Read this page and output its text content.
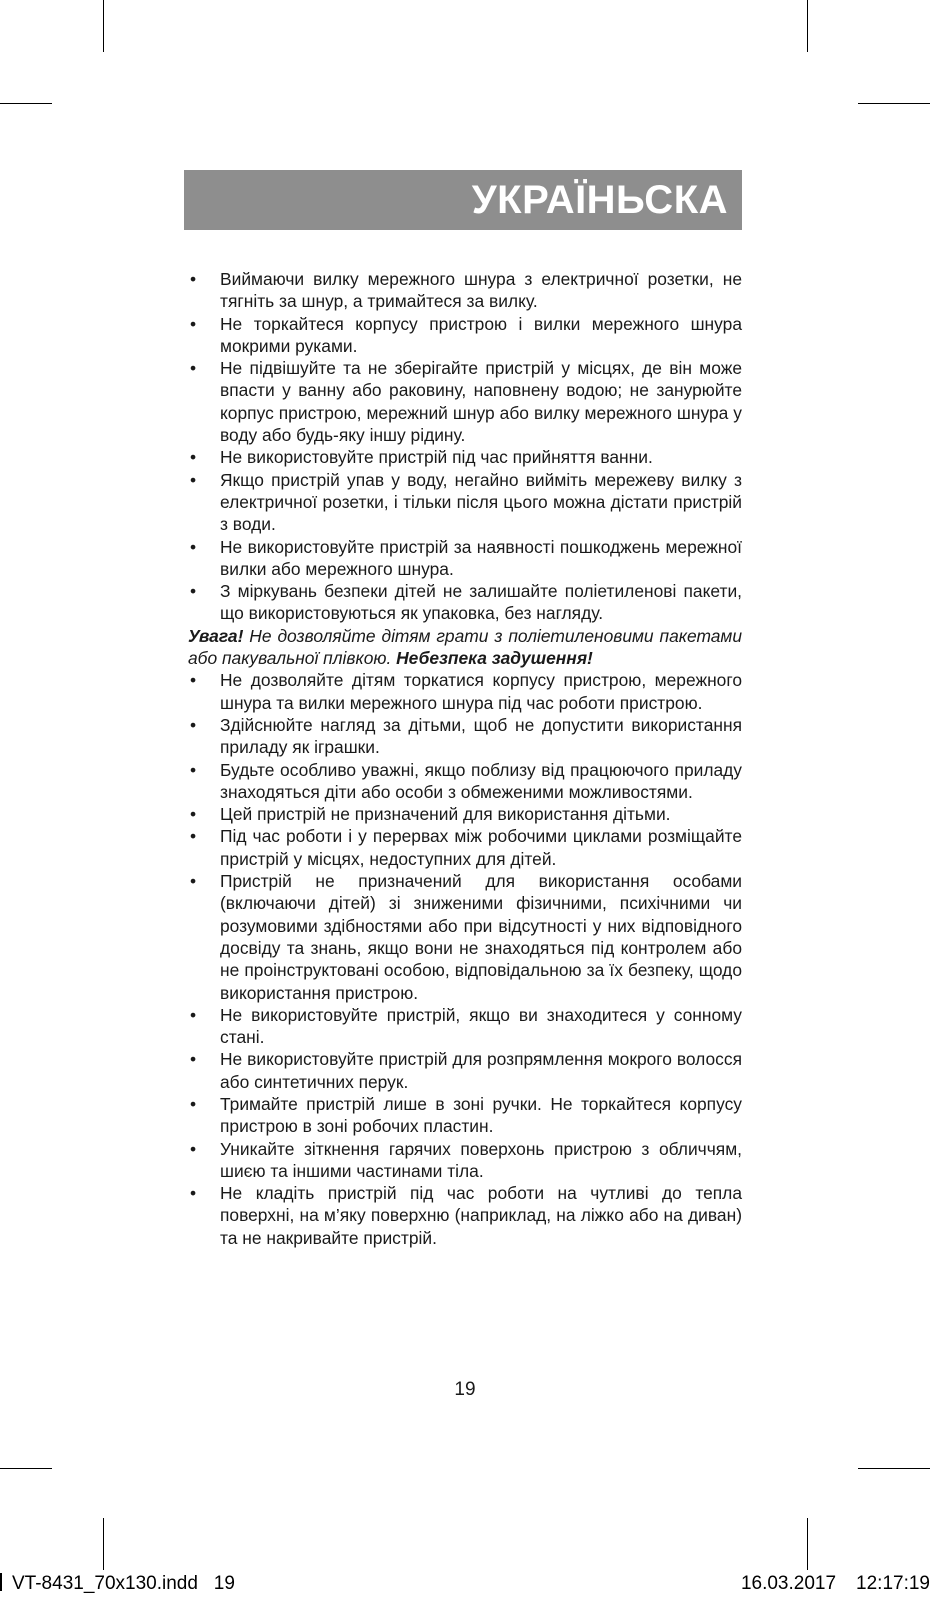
УКРАЇНЬСКА
• Виймаючи вилку мережного шнура з електричної розетки, не тягніть за шнур, а тримайтеся за вилку.
• Не торкайтеся корпусу пристрою і вилки мережного шнура мокрими руками.
• Не підвішуйте та не зберігайте пристрій у місцях, де він може впасти у ванну або раковину, наповнену водою; не занурюйте корпус пристрою, мережний шнур або вилку мережного шнура у воду або будь-яку іншу рідину.
• Не використовуйте пристрій під час прийняття ванни.
• Якщо пристрій упав у воду, негайно вийміть мережеву вилку з електричної розетки, і тільки після цього можна дістати пристрій з води.
• Не використовуйте пристрій за наявності пошкоджень мережної вилки або мережного шнура.
• З міркувань безпеки дітей не залишайте поліетиленові пакети, що використовуються як упаковка, без нагляду.

Увага! Не дозволяйте дітям грати з поліетиленовими пакетами або пакувальної плівкою. Небезпека задушення!

• Не дозволяйте дітям торкатися корпусу пристрою, мережного шнура та вилки мережного шнура під час роботи пристрою.
• Здійснюйте нагляд за дітьми, щоб не допустити використання приладу як іграшки.
• Будьте особливо уважні, якщо поблизу від працюючого приладу знаходяться діти або особи з обмеженими можливостями.
• Цей пристрій не призначений для використання дітьми.
• Під час роботи і у перервах між робочими циклами розміщайте пристрій у місцях, недоступних для дітей.
• Пристрій не призначений для використання особами (включаючи дітей) зі зниженими фізичними, психічними чи розумовими здібностями або при відсутності у них відповідного досвіду та знань, якщо вони не знаходяться під контролем або не проінструктовані особою, відповідальною за їх безпеку, щодо використання пристрою.
• Не використовуйте пристрій, якщо ви знаходитеся у сонному стані.
• Не використовуйте пристрій для розпрямлення мокрого волосся або синтетичних перук.
• Тримайте пристрій лише в зоні ручки. Не торкайтеся корпусу пристрою в зоні робочих пластин.
• Уникайте зіткнення гарячих поверхонь пристрою з обличчям, шиєю та іншими частинами тіла.
• Не кладіть пристрій під час роботи на чутливі до тепла поверхні, на м’яку поверхню (наприклад, на ліжко або на диван) та не накривайте пристрій.
19
VT-8431_70x130.indd 19	16.03.2017 12:17:19
